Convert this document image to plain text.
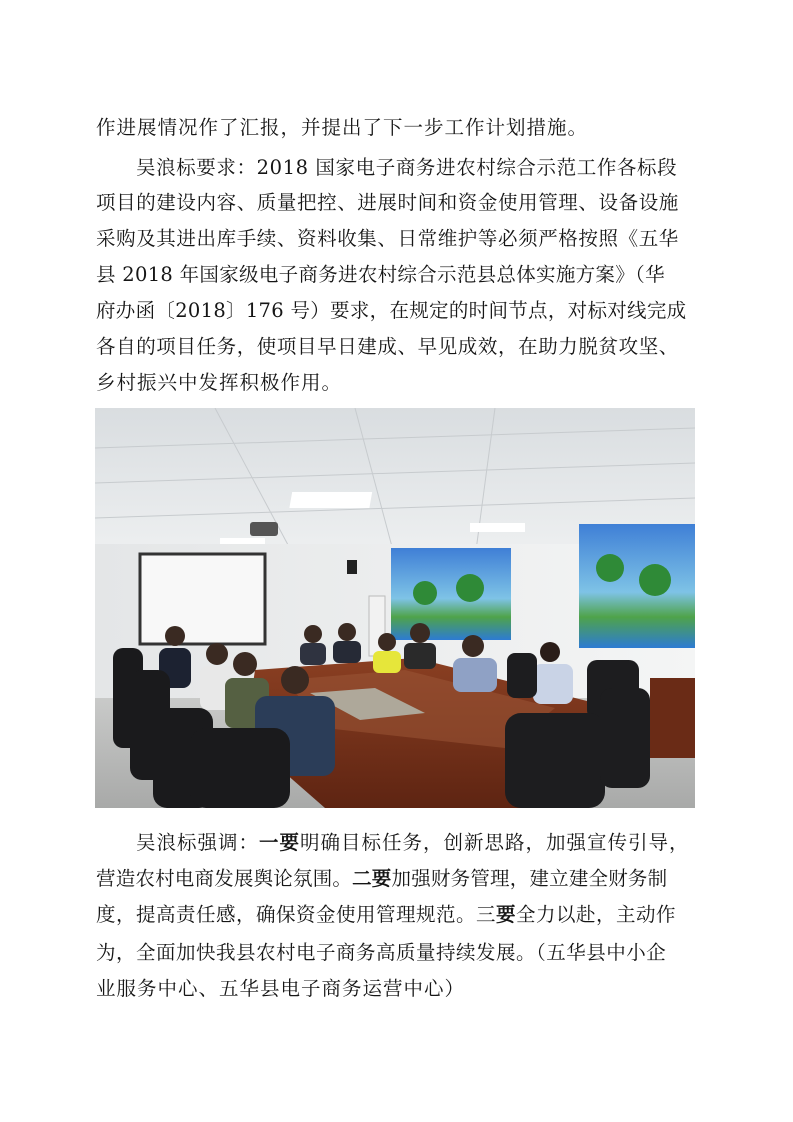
作进展情况作了汇报，并提出了下一步工作计划措施。
吴浪标要求：2018 国家电子商务进农村综合示范工作各标段
项目的建设内容、质量把控、进展时间和资金使用管理、设备设施
采购及其进出库手续、资料收集、日常维护等必须严格按照《五华
县 2018 年国家级电子商务进农村综合示范县总体实施方案》（华
府办函〔2018〕176 号）要求，在规定的时间节点，对标对线完成
各自的项目任务，使项目早日建成、早见成效，在助力脱贫攻坚、
乡村振兴中发挥积极作用。
吴浪标强调：一要明确目标任务，创新思路，加强宣传引导，
营造农村电商发展舆论氛围。二要加强财务管理，建立建全财务制
度，提高责任感，确保资金使用管理规范。三要全力以赴，主动作
为，全面加快我县农村电子商务高质量持续发展。（五华县中小企
业服务中心、五华县电子商务运营中心）
